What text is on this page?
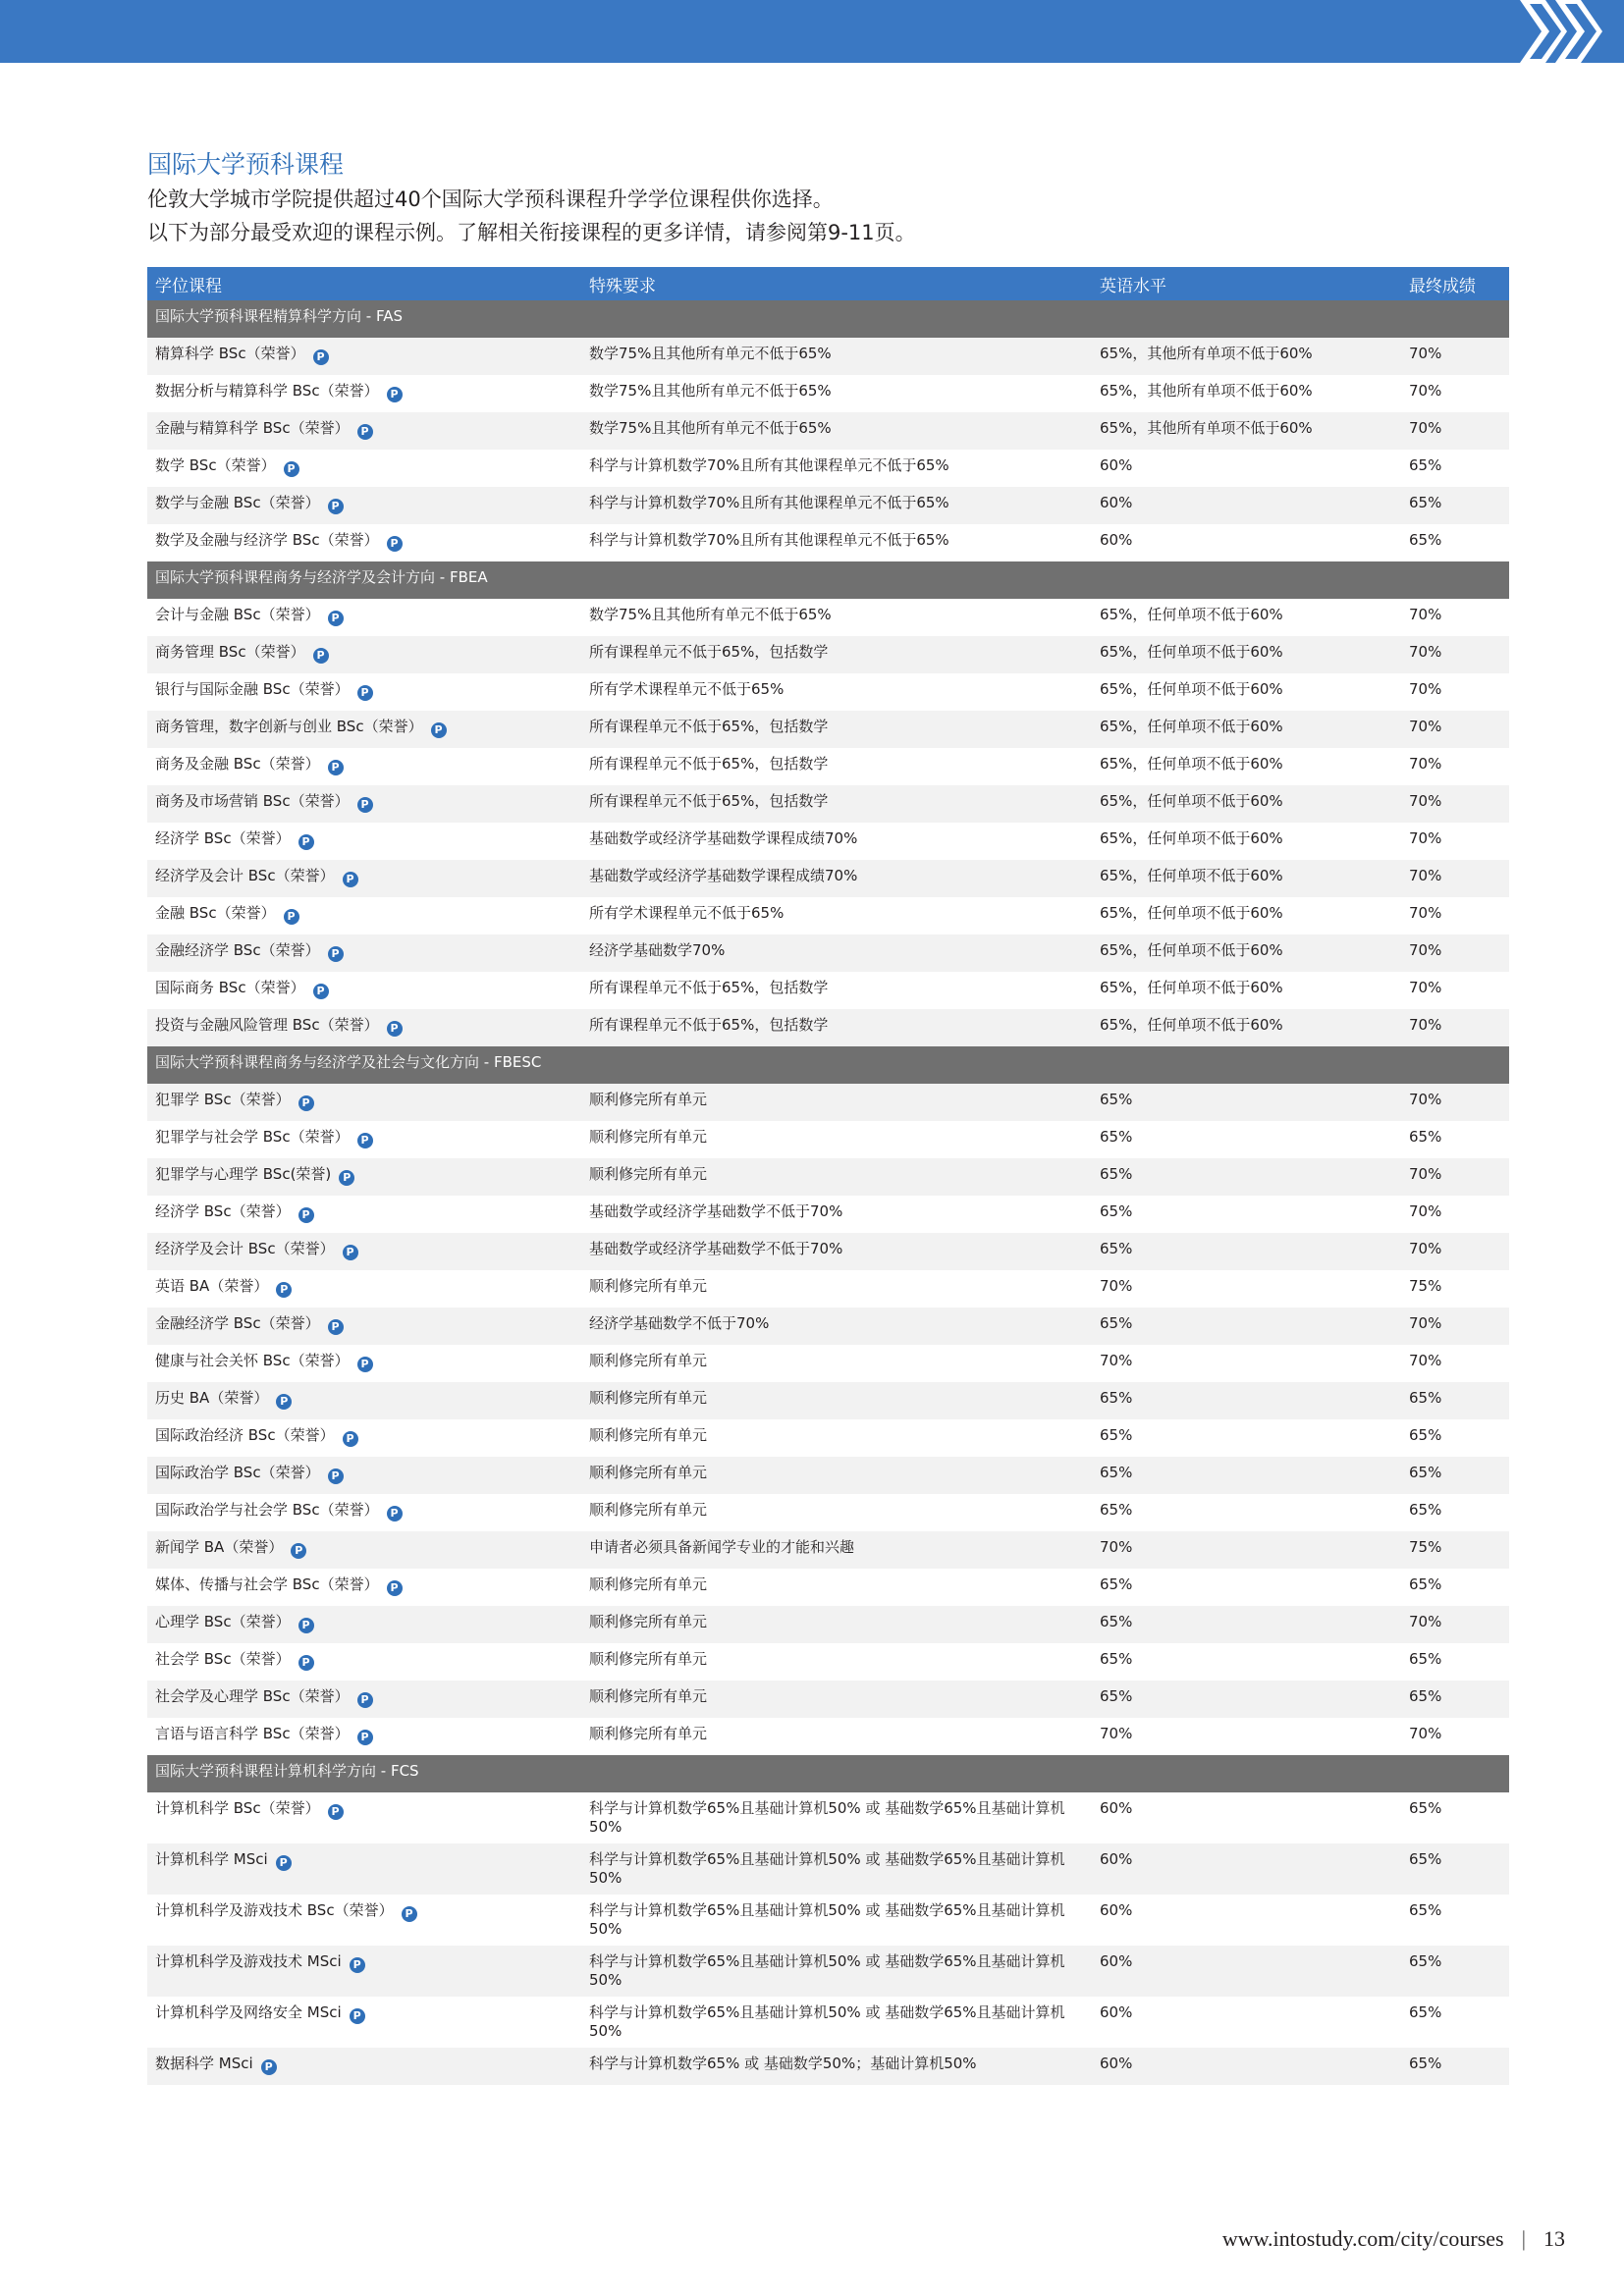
国际大学预科课程

伦敦大学城市学院提供超过40个国际大学预科课程升学学位课程供你选择。

以下为部分最受欢迎的课程示例。了解相关衔接课程的更多详情，请参阅第9-11页。

学位课程	特殊要求	英语水平	最终成绩
国际大学预科课程精算科学方向 - FAS			
精算科学 BSc（荣誉） P	数学75%且其他所有单元不低于65%	65%，其他所有单项不低于60%	70%
数据分析与精算科学 BSc（荣誉） P	数学75%且其他所有单元不低于65%	65%，其他所有单项不低于60%	70%
金融与精算科学 BSc（荣誉） P	数学75%且其他所有单元不低于65%	65%，其他所有单项不低于60%	70%
数学 BSc（荣誉） P	科学与计算机数学70%且所有其他课程单元不低于65%	60%	65%
数学与金融 BSc（荣誉） P	科学与计算机数学70%且所有其他课程单元不低于65%	60%	65%
数学及金融与经济学 BSc（荣誉） P	科学与计算机数学70%且所有其他课程单元不低于65%	60%	65%
国际大学预科课程商务与经济学及会计方向 - FBEA			
会计与金融 BSc（荣誉） P	数学75%且其他所有单元不低于65%	65%，任何单项不低于60%	70%
商务管理 BSc（荣誉） P	所有课程单元不低于65%，包括数学	65%，任何单项不低于60%	70%
银行与国际金融 BSc（荣誉） P	所有学术课程单元不低于65%	65%，任何单项不低于60%	70%
商务管理，数字创新与创业 BSc（荣誉） P	所有课程单元不低于65%，包括数学	65%，任何单项不低于60%	70%
商务及金融 BSc（荣誉） P	所有课程单元不低于65%，包括数学	65%，任何单项不低于60%	70%
商务及市场营销 BSc（荣誉） P	所有课程单元不低于65%，包括数学	65%，任何单项不低于60%	70%
经济学 BSc（荣誉） P	基础数学或经济学基础数学课程成绩70%	65%，任何单项不低于60%	70%
经济学及会计 BSc（荣誉） P	基础数学或经济学基础数学课程成绩70%	65%，任何单项不低于60%	70%
金融 BSc（荣誉） P	所有学术课程单元不低于65%	65%，任何单项不低于60%	70%
金融经济学 BSc（荣誉） P	经济学基础数学70%	65%，任何单项不低于60%	70%
国际商务 BSc（荣誉） P	所有课程单元不低于65%，包括数学	65%，任何单项不低于60%	70%
投资与金融风险管理 BSc（荣誉） P	所有课程单元不低于65%，包括数学	65%，任何单项不低于60%	70%
国际大学预科课程商务与经济学及社会与文化方向 - FBESC			
犯罪学 BSc（荣誉） P	顺利修完所有单元	65%	70%
犯罪学与社会学 BSc（荣誉） P	顺利修完所有单元	65%	65%
犯罪学与心理学 BSc(荣誉) P	顺利修完所有单元	65%	70%
经济学 BSc（荣誉） P	基础数学或经济学基础数学不低于70%	65%	70%
经济学及会计 BSc（荣誉） P	基础数学或经济学基础数学不低于70%	65%	70%
英语 BA（荣誉） P	顺利修完所有单元	70%	75%
金融经济学 BSc（荣誉） P	经济学基础数学不低于70%	65%	70%
健康与社会关怀 BSc（荣誉） P	顺利修完所有单元	70%	70%
历史 BA（荣誉） P	顺利修完所有单元	65%	65%
国际政治经济 BSc（荣誉） P	顺利修完所有单元	65%	65%
国际政治学 BSc（荣誉） P	顺利修完所有单元	65%	65%
国际政治学与社会学 BSc（荣誉） P	顺利修完所有单元	65%	65%
新闻学 BA（荣誉） P	申请者必须具备新闻学专业的才能和兴趣	70%	75%
媒体、传播与社会学 BSc（荣誉） P	顺利修完所有单元	65%	65%
心理学 BSc（荣誉） P	顺利修完所有单元	65%	70%
社会学 BSc（荣誉） P	顺利修完所有单元	65%	65%
社会学及心理学 BSc（荣誉） P	顺利修完所有单元	65%	65%
言语与语言科学 BSc（荣誉） P	顺利修完所有单元	70%	70%
国际大学预科课程计算机科学方向 - FCS			
计算机科学 BSc（荣誉） P	科学与计算机数学65%且基础计算机50% 或 基础数学65%且基础计算机50%	60%	65%
计算机科学 MSci P	科学与计算机数学65%且基础计算机50% 或 基础数学65%且基础计算机50%	60%	65%
计算机科学及游戏技术 BSc（荣誉） P	科学与计算机数学65%且基础计算机50% 或 基础数学65%且基础计算机50%	60%	65%
计算机科学及游戏技术 MSci P	科学与计算机数学65%且基础计算机50% 或 基础数学65%且基础计算机50%	60%	65%
计算机科学及网络安全 MSci P	科学与计算机数学65%且基础计算机50% 或 基础数学65%且基础计算机50%	60%	65%
数据科学 MSci P	科学与计算机数学65% 或 基础数学50%；基础计算机50%	60%	65%
www.intostudy.com/city/courses | 13
